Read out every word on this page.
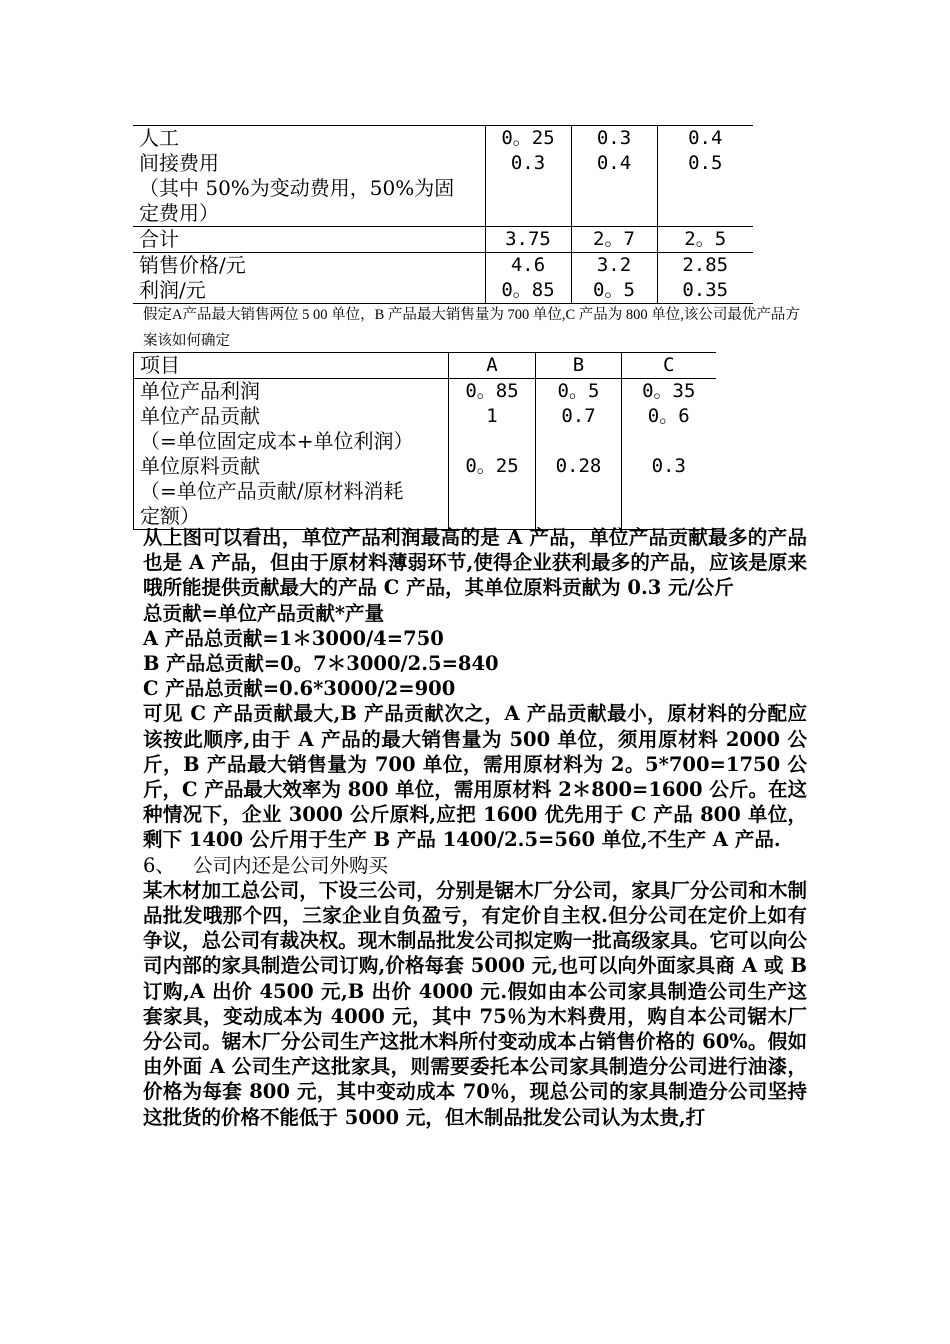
人工	0。25	0.3	0.4

间接费用
（其中 50%为变动费用，50%为固
定费用）	0.3	0.4	0.5

合计	3.75	2。7	2。5

销售价格/元	4.6	3.2	2.85

利润/元	0。85	0。5	0.35
假定A产品最大销售两位 5 00 单位，B 产品最大销售量为 700 单位,C 产品为 800 单位,该公司最优产品方案该如何确定
项目	A	B	C

单位产品利润	0。85	0。5	0。35

单位产品贡献
（=单位固定成本+单位利润）	1	0.7	0。6

单位原料贡献
（=单位产品贡献/原材料消耗
定额）	0。25	0.28	0.3

从上图可以看出，单位产品利润最高的是 A 产品，单位产品贡献最多的产品也是 A 产品，但由于原材料薄弱环节,使得企业获利最多的产品，应该是原来哦所能提供贡献最大的产品 C 产品，其单位原料贡献为 0.3 元/公斤

总贡献=单位产品贡献*产量

A 产品总贡献=1＊3000/4=750

B 产品总贡献=0。7＊3000/2.5=840

C 产品总贡献=0.6*3000/2=900

可见 C 产品贡献最大,B 产品贡献次之，A 产品贡献最小，原材料的分配应该按此顺序,由于 A 产品的最大销售量为 500 单位，须用原材料 2000 公斤，B 产品最大销售量为 700 单位，需用原材料为 2。5*700=1750 公斤，C 产品最大效率为 800 单位，需用原材料 2＊800=1600 公斤。在这种情况下，企业 3000 公斤原料,应把 1600 优先用于 C 产品 800 单位，剩下 1400 公斤用于生产 B 产品 1400/2.5=560 单位,不生产 A 产品.

6、 公司内还是公司外购买

某木材加工总公司，下设三公司，分别是锯木厂分公司，家具厂分公司和木制品批发哦那个四，三家企业自负盈亏，有定价自主权.但分公司在定价上如有争议，总公司有裁决权。现木制品批发公司拟定购一批高级家具。它可以向公司内部的家具制造公司订购,价格每套 5000 元,也可以向外面家具商 A 或 B 订购,A 出价 4500 元,B 出价 4000 元.假如由本公司家具制造公司生产这套家具，变动成本为 4000 元，其中 75％为木料费用，购自本公司锯木厂分公司。锯木厂分公司生产这批木料所付变动成本占销售价格的 60%。假如由外面 A 公司生产这批家具，则需要委托本公司家具制造分公司进行油漆，价格为每套 800 元，其中变动成本 70％，现总公司的家具制造分公司坚持这批货的价格不能低于 5000 元，但木制品批发公司认为太贵,打
